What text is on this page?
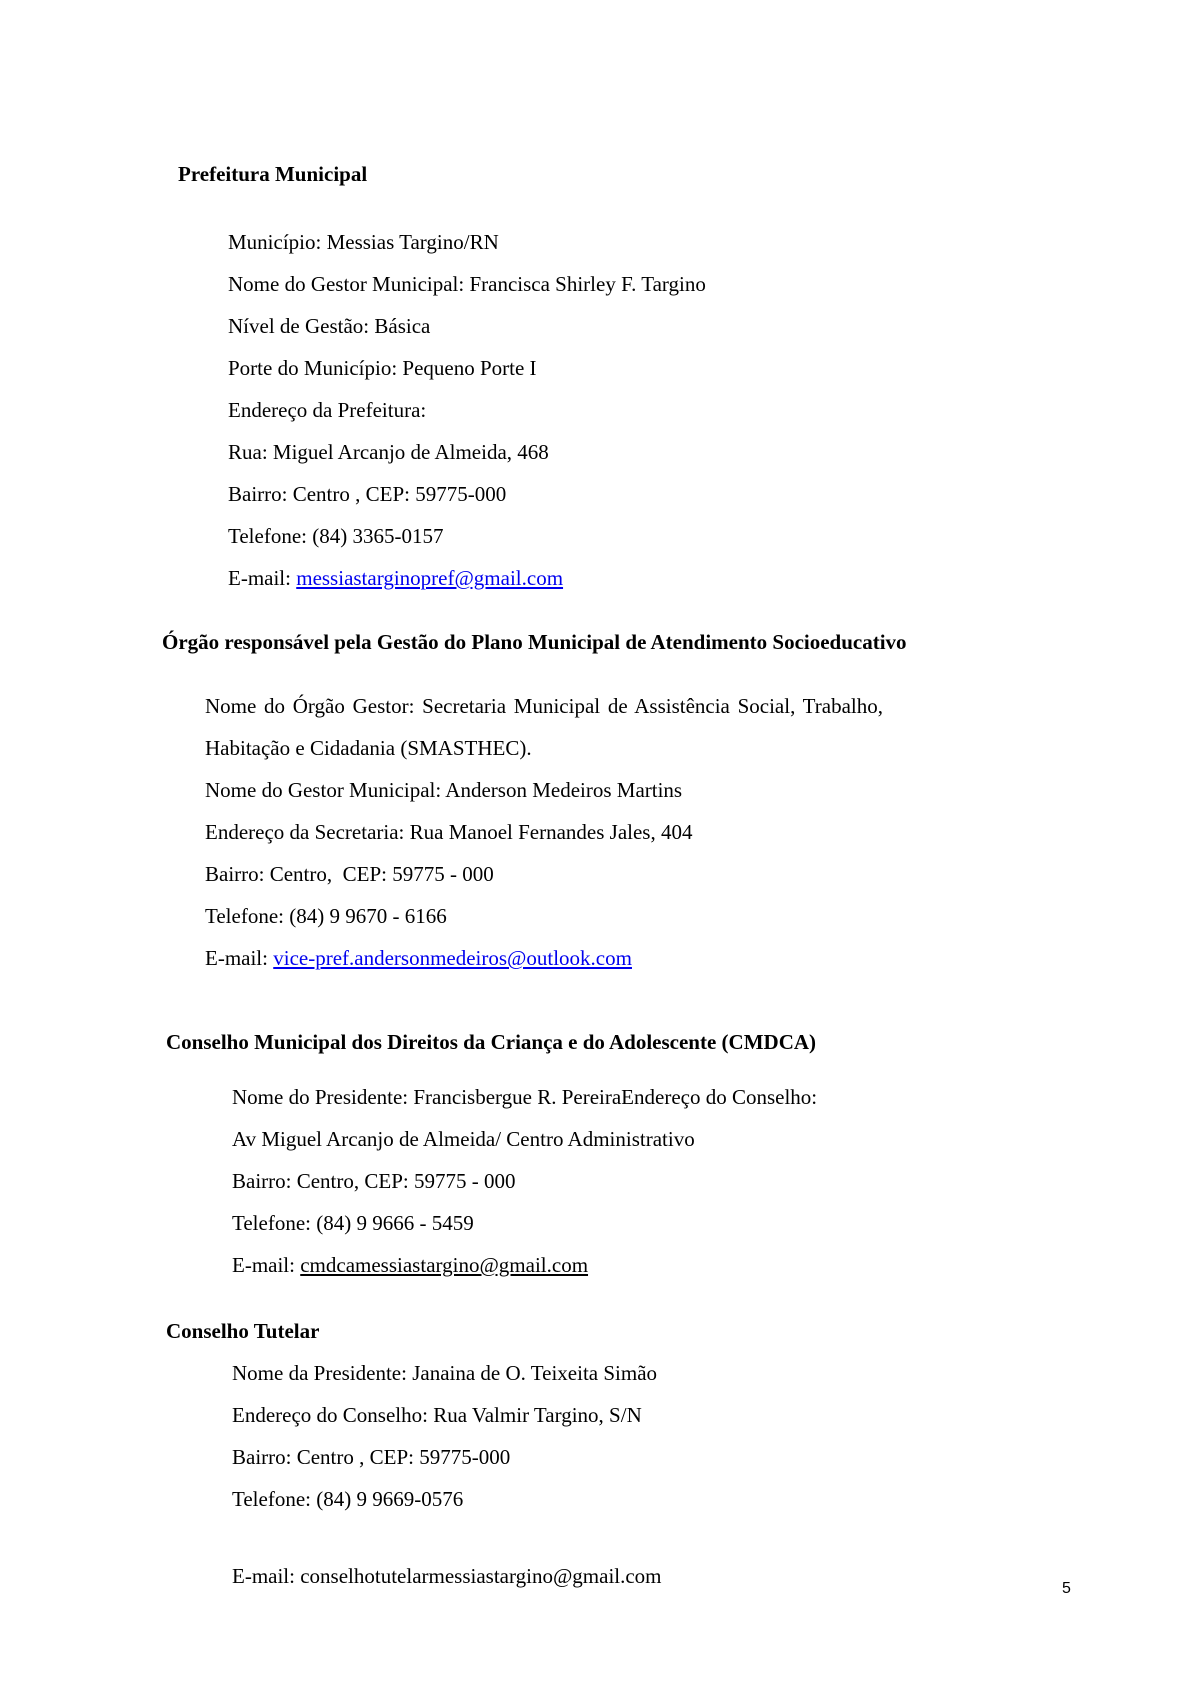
Prefeitura Municipal

Município: Messias Targino/RN

Nome do Gestor Municipal: Francisca Shirley F. Targino

Nível de Gestão: Básica

Porte do Município: Pequeno Porte I

Endereço da Prefeitura:

Rua: Miguel Arcanjo de Almeida, 468

Bairro: Centro , CEP: 59775-000

Telefone: (84) 3365-0157

E-mail: messiastarginopref@gmail.com

Órgão responsável pela Gestão do Plano Municipal de Atendimento Socioeducativo

Nome do Órgão Gestor: Secretaria Municipal de Assistência Social, Trabalho, Habitação e Cidadania (SMASTHEC).

Nome do Gestor Municipal: Anderson Medeiros Martins

Endereço da Secretaria: Rua Manoel Fernandes Jales, 404

Bairro: Centro,  CEP: 59775 - 000

Telefone: (84) 9 9670 - 6166

E-mail: vice-pref.andersonmedeiros@outlook.com

Conselho Municipal dos Direitos da Criança e do Adolescente (CMDCA)

Nome do Presidente: Francisbergue R. PereiraEndereço do Conselho:

Av Miguel Arcanjo de Almeida/ Centro Administrativo

Bairro: Centro, CEP: 59775 - 000

Telefone: (84) 9 9666 - 5459

E-mail: cmdcamessiastargino@gmail.com

Conselho Tutelar

Nome da Presidente: Janaina de O. Teixeita Simão

Endereço do Conselho: Rua Valmir Targino, S/N

Bairro: Centro , CEP: 59775-000

Telefone: (84) 9 9669-0576

E-mail: conselhotutelarmessiastargino@gmail.com

5
